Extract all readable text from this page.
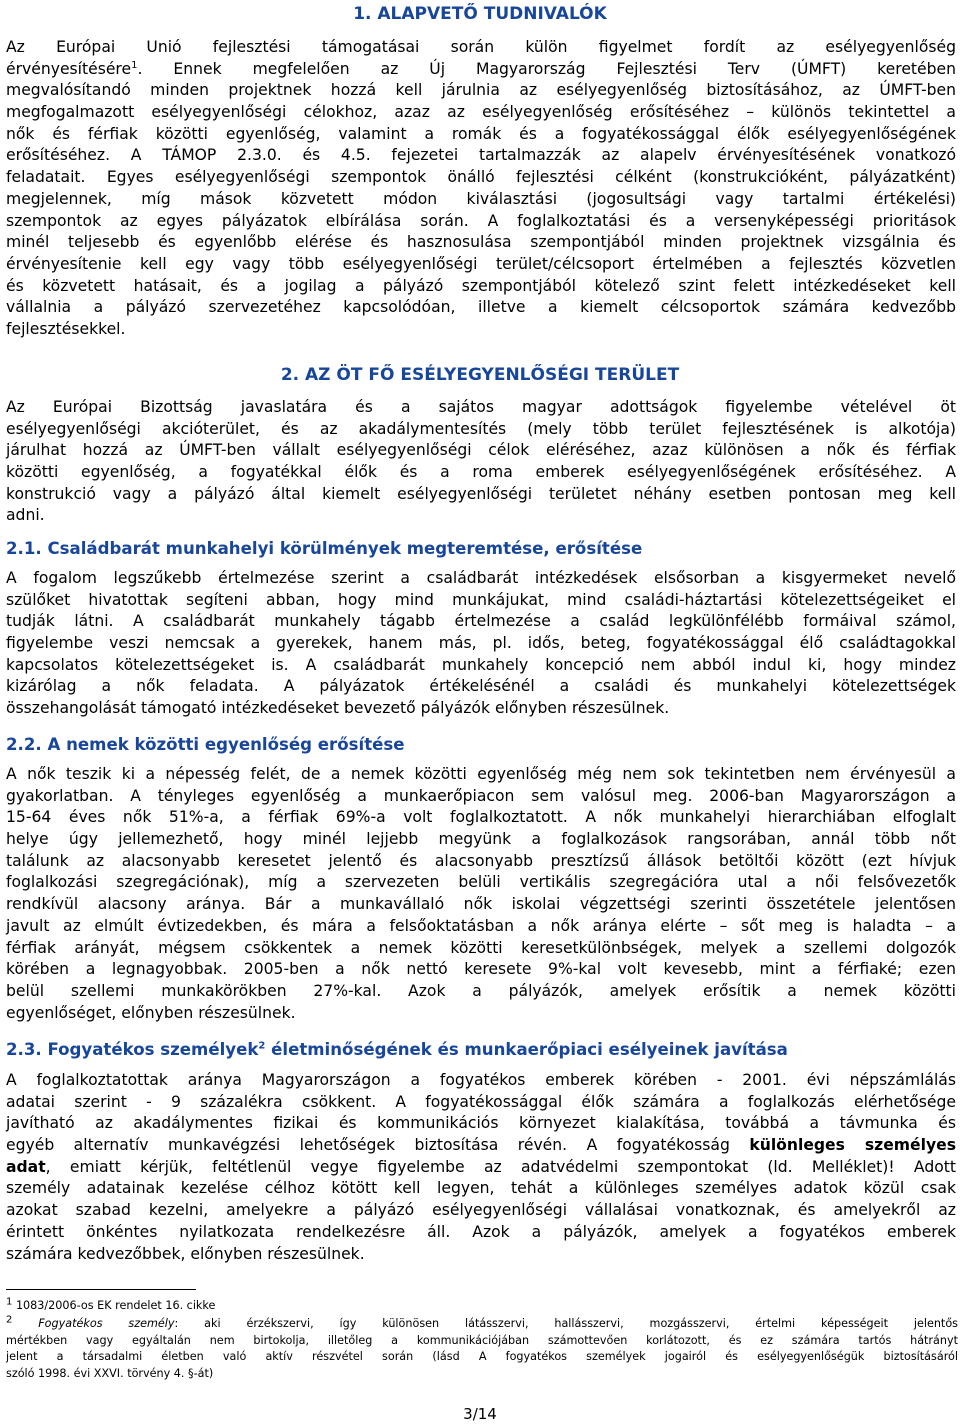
1. ALAPVETŐ TUDNIVALÓK
Az Európai Unió fejlesztési támogatásai során külön figyelmet fordít az esélyegyenlőség
érvényesítésére$^1$. Ennek megfelelően az Új Magyarország Fejlesztési Terv (ÚMFT) keretében
megvalósítandó minden projektnek hozzá kell járulnia az esélyegyenlőség biztosításához, az ÚMFT-ben
megfogalmazott esélyegyenlőségi célokhoz, azaz az esélyegyenlőség erősítéséhez – különös tekintettel a
nők és férfiak közötti egyenlőség, valamint a romák és a fogyatékossággal élők esélyegyenlőségének
erősítéséhez. A TÁMOP 2.3.0. és 4.5. fejezetei tartalmazzák az alapelv érvényesítésének vonatkozó
feladatait. Egyes esélyegyenlőségi szempontok önálló fejlesztési célként (konstrukcióként, pályázatként)
megjelennek, míg mások közvetett módon kiválasztási (jogosultsági vagy tartalmi értékelési)
szempontok az egyes pályázatok elbírálása során. A foglalkoztatási és a versenyképességi prioritások
minél teljesebb és egyenlőbb elérése és hasznosulása szempontjából minden projektnek vizsgálnia és
érvényesítenie kell egy vagy több esélyegyenlőségi terület/célcsoport értelmében a fejlesztés közvetlen
és közvetett hatásait, és a jogilag a pályázó szempontjából kötelező szint felett intézkedéseket kell
vállalnia a pályázó szervezetéhez kapcsolódóan, illetve a kiemelt célcsoportok számára kedvezőbb
fejlesztésekkel.
2. AZ ÖT FŐ ESÉLYEGYENLŐSÉGI TERÜLET
Az Európai Bizottság javaslatára és a sajátos magyar adottságok figyelembe vételével öt
esélyegyenlőségi akcióterület, és az akadálymentesítés (mely több terület fejlesztésének is alkotója)
járulhat hozzá az ÚMFT-ben vállalt esélyegyenlőségi célok eléréséhez, azaz különösen a nők és férfiak
közötti egyenlőség, a fogyatékkal élők és a roma emberek esélyegyenlőségének erősítéséhez. A
konstrukció vagy a pályázó által kiemelt esélyegyenlőségi területet néhány esetben pontosan meg kell
adni.
2.1. Családbarát munkahelyi körülmények megteremtése, erősítése
A fogalom legszűkebb értelmezése szerint a családbarát intézkedések elsősorban a kisgyermeket nevelő
szülőket hivatottak segíteni abban, hogy mind munkájukat, mind családi-háztartási kötelezettségeiket el
tudják látni. A családbarát munkahely tágabb értelmezése a család legkülönfélébb formáival számol,
figyelembe veszi nemcsak a gyerekek, hanem más, pl. idős, beteg, fogyatékossággal élő családtagokkal
kapcsolatos kötelezettségeket is. A családbarát munkahely koncepció nem abból indul ki, hogy mindez
kizárólag a nők feladata. A pályázatok értékelésénél a családi és munkahelyi kötelezettségek
összehangolását támogató intézkedéseket bevezető pályázók előnyben részesülnek.
2.2. A nemek közötti egyenlőség erősítése
A nők teszik ki a népesség felét, de a nemek közötti egyenlőség még nem sok tekintetben nem érvényesül a
gyakorlatban. A tényleges egyenlőség a munkaerőpiacon sem valósul meg. 2006-ban Magyarországon a
15-64 éves nők 51%-a, a férfiak 69%-a volt foglalkoztatott. A nők munkahelyi hierarchiában elfoglalt
helye úgy jellemezhető, hogy minél lejjebb megyünk a foglalkozások rangsorában, annál több nőt
találunk az alacsonyabb keresetet jelentő és alacsonyabb presztízsű állások betöltői között (ezt hívjuk
foglalkozási szegregációnak), míg a szervezeten belüli vertikális szegregációra utal a női felsővezetők
rendkívül alacsony aránya. Bár a munkavállaló nők iskolai végzettségi szerinti összetétele jelentősen
javult az elmúlt évtizedekben, és mára a felsőoktatásban a nők aránya elérte – sőt meg is haladta – a
férfiak arányát, mégsem csökkentek a nemek közötti keresetkülönbségek, melyek a szellemi dolgozók
körében a legnagyobbak. 2005-ben a nők nettó keresete 9%-kal volt kevesebb, mint a férfiaké; ezen
belül szellemi munkakörökben 27%-kal. Azok a pályázók, amelyek erősítik a nemek közötti
egyenlőséget, előnyben részesülnek.
2.3. Fogyatékos személyek$^2$ életminőségének és munkaerőpiaci esélyeinek javítása
A foglalkoztatottak aránya Magyarországon a fogyatékos emberek körében - 2001. évi népszámlálás
adatai szerint - 9 százalékra csökkent. A fogyatékossággal élők számára a foglalkozás elérhetősége
javítható az akadálymentes fizikai és kommunikációs környezet kialakítása, továbbá a távmunka és
egyéb alternatív munkavégzési lehetőségek biztosítása révén. A fogyatékosság különleges személyes
adat, emiatt kérjük, feltétlenül vegye figyelembe az adatvédelmi szempontokat (ld. Melléklet)! Adott
személy adatainak kezelése célhoz kötött kell legyen, tehát a különleges személyes adatok közül csak
azokat szabad kezelni, amelyekre a pályázó esélyegyenlőségi vállalásai vonatkoznak, és amelyekről az
érintett önkéntes nyilatkozata rendelkezésre áll. Azok a pályázók, amelyek a fogyatékos emberek
számára kedvezőbbek, előnyben részesülnek.
$^1$ 1083/2006-os EK rendelet 16. cikke
$^2$ Fogyatékos személy: aki érzékszervi, így különösen látásszervi, hallásszervi, mozgásszervi, értelmi képességeit jelentős
mértékben vagy egyáltalán nem birtokolja, illetőleg a kommunikációjában számottevően korlátozott, és ez számára tartós hátrányt
jelent a társadalmi életben való aktív részvétel során (lásd A fogyatékos személyek jogairól és esélyegyenlőségük biztosításáról
szóló 1998. évi XXVI. törvény 4. §-át)
3/14
